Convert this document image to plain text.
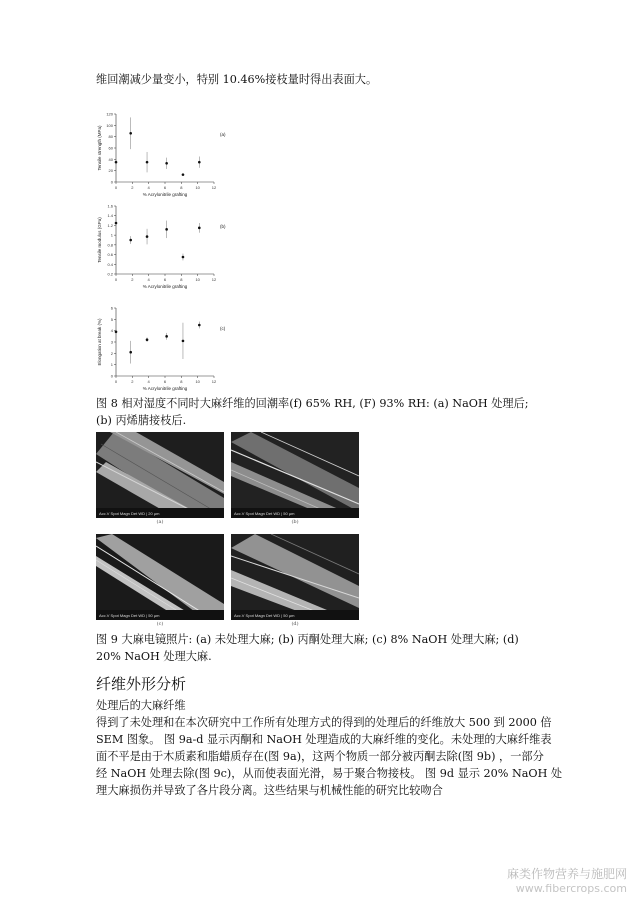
维回潮减少量变小，特别 10.46%接枝量时得出表面大。
0
20
40
60
80
100
120
0	2	4	6	8	10	12
% Acrylonitrile grafting
Tensile strength (MPa)	(a)
0.2
0.4
0.6
0.8
1
1.2
1.4
1.6
0	2	4	6	8	10	12
% Acrylonitrile grafting
Tensile modulus (GPa)	(b)
0
1
2
3
4
5
6
0	2	4	6	8	10	12
% Acrylonitrile grafting
Elongation at break (%)	(c)
图 8 相对湿度不同时大麻纤维的回潮率(f) 65% RH, (F) 93% RH: (a) NaOH 处理后;
(b) 丙烯腈接枝后.
Acc.V Spot Magn Det WD | 20 µm
(a)
Acc.V Spot Magn Det WD | 50 µm
(b)
Acc.V Spot Magn Det WD | 50 µm
(c)
Acc.V Spot Magn Det WD | 50 µm
(d)
图 9 大麻电镜照片: (a) 未处理大麻; (b) 丙酮处理大麻; (c) 8% NaOH 处理大麻; (d)
20% NaOH 处理大麻.
纤维外形分析
处理后的大麻纤维
得到了未处理和在本次研究中工作所有处理方式的得到的处理后的纤维放大 500 到 2000 倍
SEM 图象。 图 9a-d 显示丙酮和 NaOH 处理造成的大麻纤维的变化。未处理的大麻纤维表
面不平是由于木质素和脂蜡质存在(图 9a)，这两个物质一部分被丙酮去除(图 9b) ，一部分
经 NaOH 处理去除(图 9c)，从而使表面光滑，易于聚合物接枝。 图 9d 显示 20% NaOH 处
理大麻损伤并导致了各片段分离。这些结果与机械性能的研究比较吻合
麻类作物营养与施肥网
www.fibercrops.com
